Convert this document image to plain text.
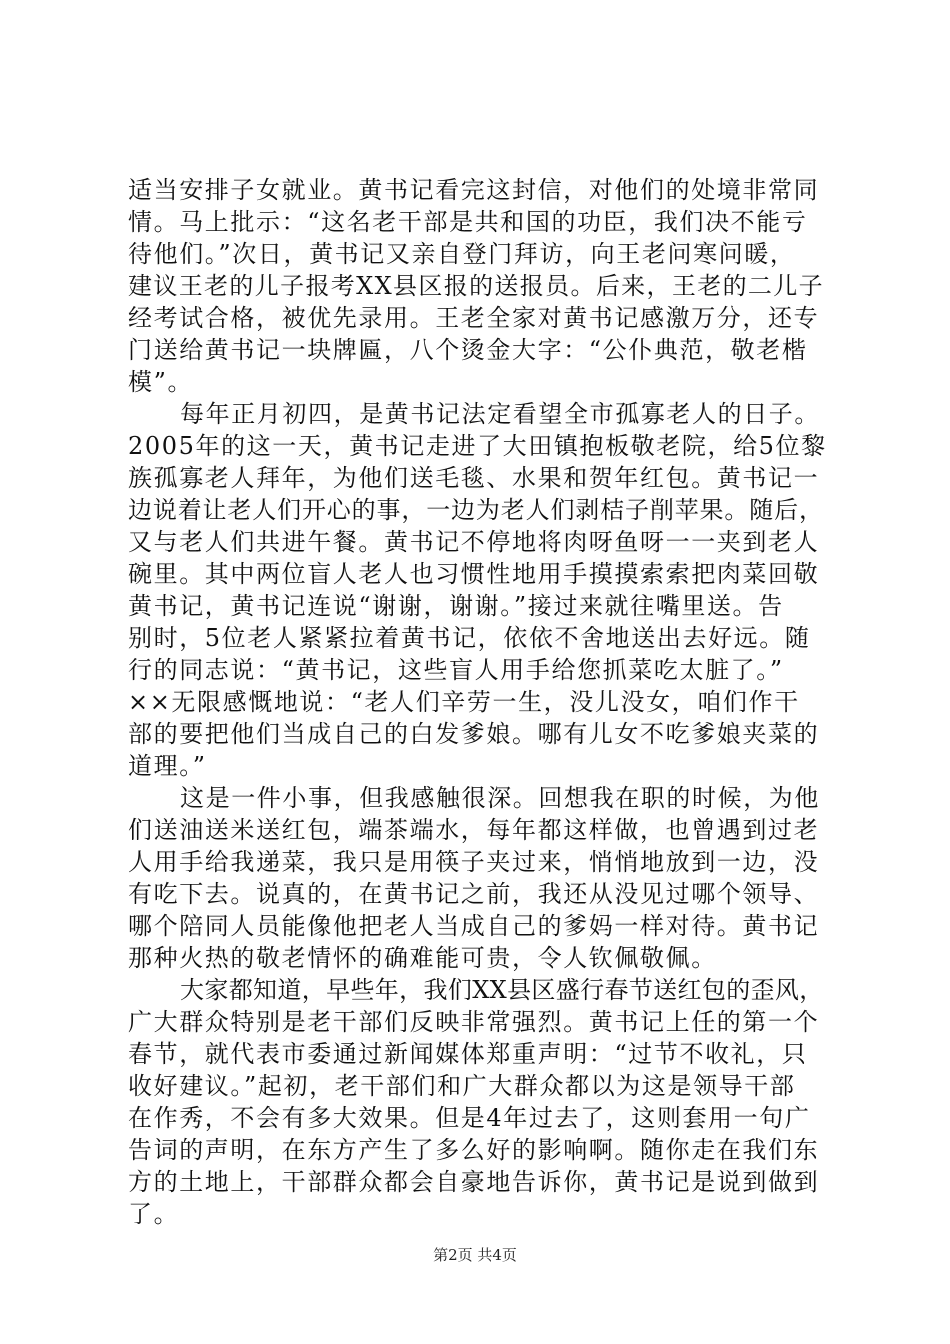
适当安排子女就业。黄书记看完这封信，对他们的处境非常同
情。马上批示：“这名老干部是共和国的功臣，我们决不能亏
待他们。”次日，黄书记又亲自登门拜访，向王老问寒问暖，
建议王老的儿子报考XX县区报的送报员。后来，王老的二儿子
经考试合格，被优先录用。王老全家对黄书记感激万分，还专
门送给黄书记一块牌匾，八个烫金大字：“公仆典范，敬老楷
模”。
每年正月初四，是黄书记法定看望全市孤寡老人的日子。
2005年的这一天，黄书记走进了大田镇抱板敬老院，给5位黎
族孤寡老人拜年，为他们送毛毯、水果和贺年红包。黄书记一
边说着让老人们开心的事，一边为老人们剥桔子削苹果。随后，
又与老人们共进午餐。黄书记不停地将肉呀鱼呀一一夹到老人
碗里。其中两位盲人老人也习惯性地用手摸摸索索把肉菜回敬
黄书记，黄书记连说“谢谢，谢谢。”接过来就往嘴里送。告
别时，5位老人紧紧拉着黄书记，依依不舍地送出去好远。随
行的同志说：“黄书记，这些盲人用手给您抓菜吃太脏了。”
××无限感慨地说：“老人们辛劳一生，没儿没女，咱们作干
部的要把他们当成自己的白发爹娘。哪有儿女不吃爹娘夹菜的
道理。”
这是一件小事，但我感触很深。回想我在职的时候，为他
们送油送米送红包，端茶端水，每年都这样做，也曾遇到过老
人用手给我递菜，我只是用筷子夹过来，悄悄地放到一边，没
有吃下去。说真的，在黄书记之前，我还从没见过哪个领导、
哪个陪同人员能像他把老人当成自己的爹妈一样对待。黄书记
那种火热的敬老情怀的确难能可贵，令人钦佩敬佩。
大家都知道，早些年，我们XX县区盛行春节送红包的歪风，
广大群众特别是老干部们反映非常强烈。黄书记上任的第一个
春节，就代表市委通过新闻媒体郑重声明：“过节不收礼，只
收好建议。”起初，老干部们和广大群众都以为这是领导干部
在作秀，不会有多大效果。但是4年过去了，这则套用一句广
告词的声明，在东方产生了多么好的影响啊。随你走在我们东
方的土地上，干部群众都会自豪地告诉你，黄书记是说到做到
了。
第2页 共4页
